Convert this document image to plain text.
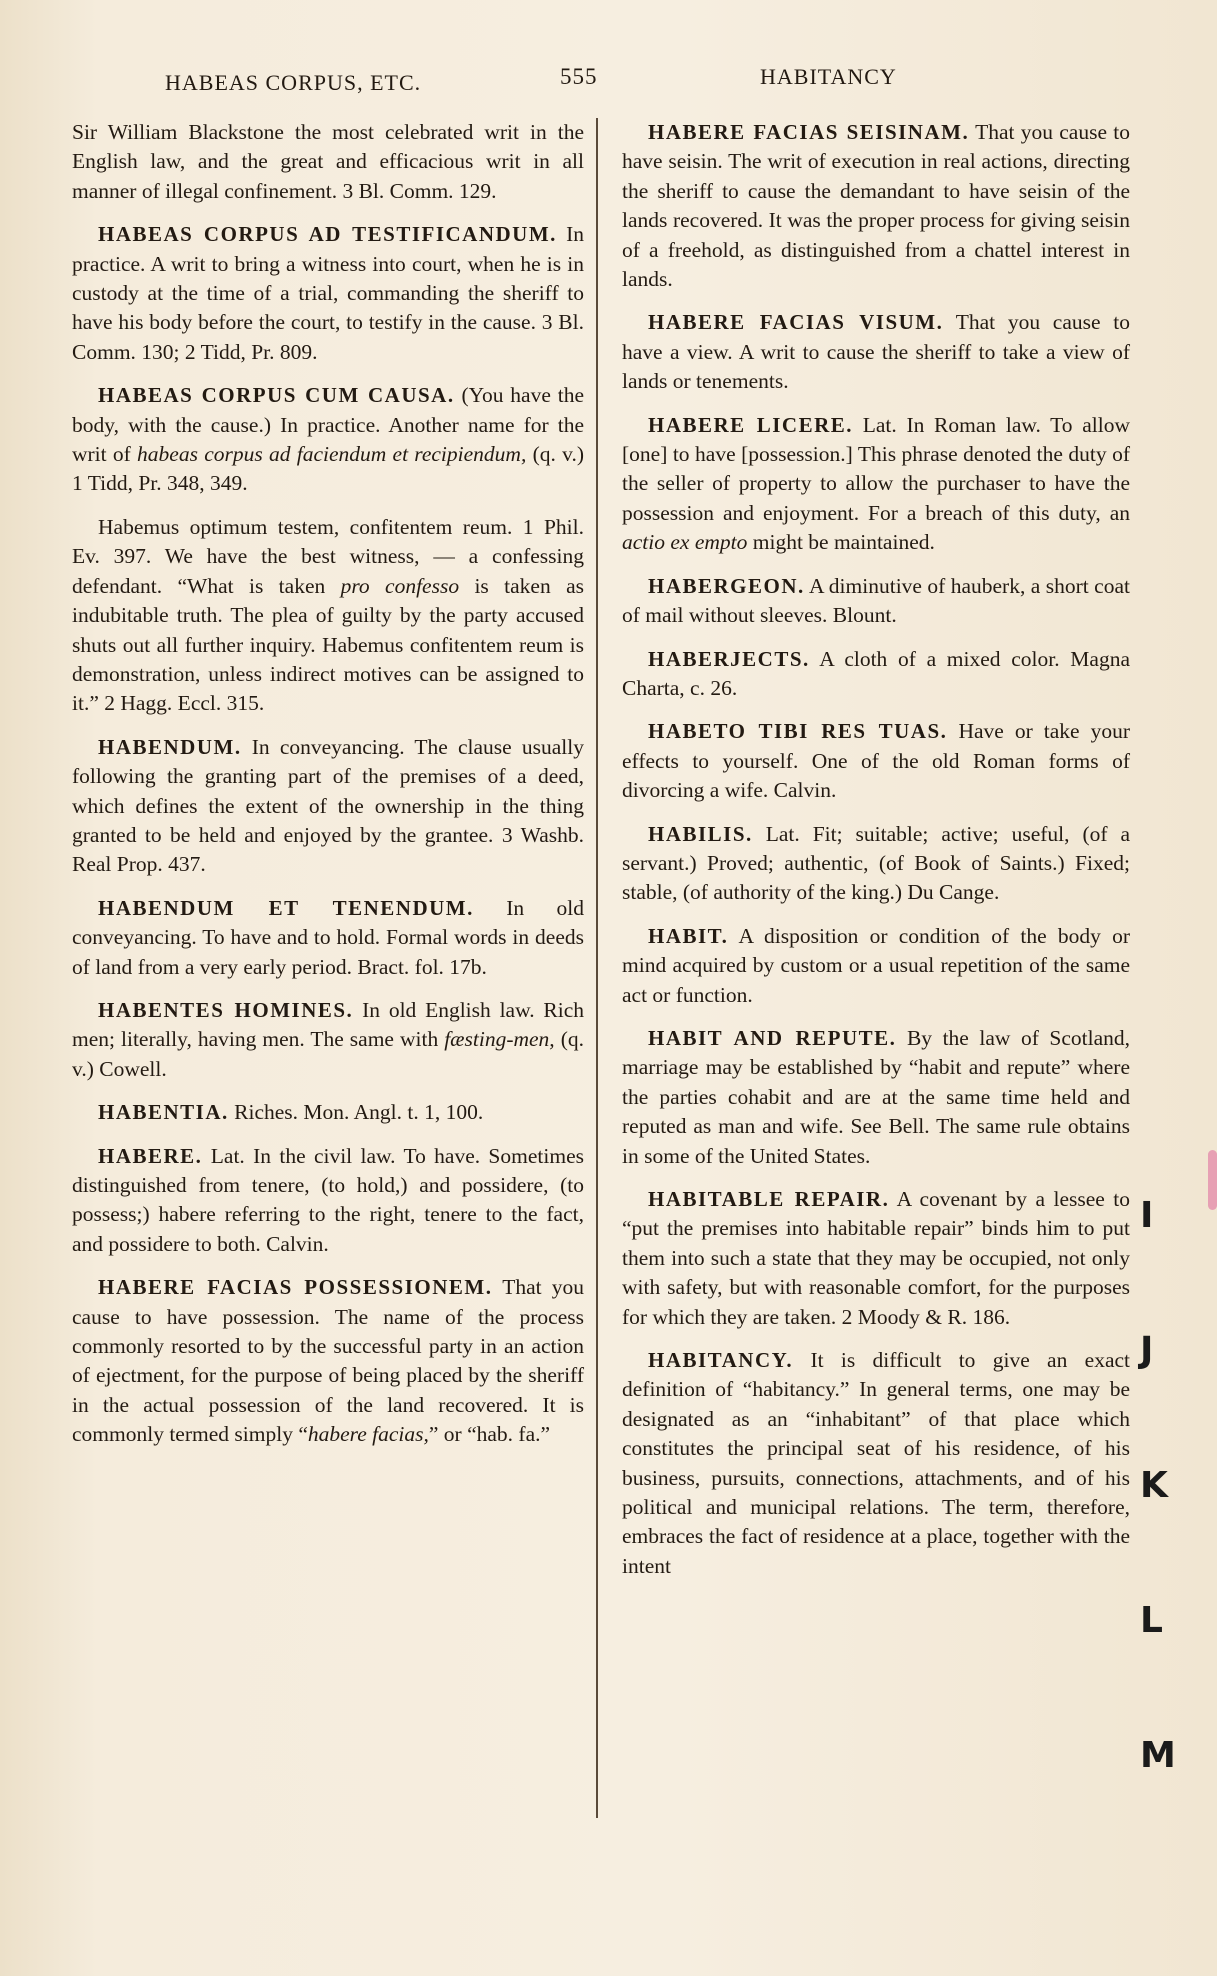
HABEAS CORPUS, ETC.	555	HABITANCY

Sir William Blackstone the most celebrated writ in the English law, and the great and efficacious writ in all manner of illegal confinement. 3 Bl. Comm. 129.

HABEAS CORPUS AD TESTIFICANDUM. In practice. A writ to bring a witness into court, when he is in custody at the time of a trial, commanding the sheriff to have his body before the court, to testify in the cause. 3 Bl. Comm. 130; 2 Tidd, Pr. 809.

HABEAS CORPUS CUM CAUSA. (You have the body, with the cause.) In practice. Another name for the writ of habeas corpus ad faciendum et recipiendum, (q. v.) 1 Tidd, Pr. 348, 349.

Habemus optimum testem, confitentem reum. 1 Phil. Ev. 397. We have the best witness, — a confessing defendant. “What is taken pro confesso is taken as indubitable truth. The plea of guilty by the party accused shuts out all further inquiry. Habemus confitentem reum is demonstration, unless indirect motives can be assigned to it.” 2 Hagg. Eccl. 315.

HABENDUM. In conveyancing. The clause usually following the granting part of the premises of a deed, which defines the extent of the ownership in the thing granted to be held and enjoyed by the grantee. 3 Washb. Real Prop. 437.

HABENDUM ET TENENDUM. In old conveyancing. To have and to hold. Formal words in deeds of land from a very early period. Bract. fol. 17b.

HABENTES HOMINES. In old English law. Rich men; literally, having men. The same with fæsting-men, (q. v.) Cowell.

HABENTIA. Riches. Mon. Angl. t. 1, 100.

HABERE. Lat. In the civil law. To have. Sometimes distinguished from tenere, (to hold,) and possidere, (to possess;) habere referring to the right, tenere to the fact, and possidere to both. Calvin.

HABERE FACIAS POSSESSIONEM. That you cause to have possession. The name of the process commonly resorted to by the successful party in an action of ejectment, for the purpose of being placed by the sheriff in the actual possession of the land recovered. It is commonly termed simply “habere facias,” or “hab. fa.”

HABERE FACIAS SEISINAM. That you cause to have seisin. The writ of execution in real actions, directing the sheriff to cause the demandant to have seisin of the lands recovered. It was the proper process for giving seisin of a freehold, as distinguished from a chattel interest in lands.

HABERE FACIAS VISUM. That you cause to have a view. A writ to cause the sheriff to take a view of lands or tenements.

HABERE LICERE. Lat. In Roman law. To allow [one] to have [possession.] This phrase denoted the duty of the seller of property to allow the purchaser to have the possession and enjoyment. For a breach of this duty, an actio ex empto might be maintained.

HABERGEON. A diminutive of hauberk, a short coat of mail without sleeves. Blount.

HABERJECTS. A cloth of a mixed color. Magna Charta, c. 26.

HABETO TIBI RES TUAS. Have or take your effects to yourself. One of the old Roman forms of divorcing a wife. Calvin.

HABILIS. Lat. Fit; suitable; active; useful, (of a servant.) Proved; authentic, (of Book of Saints.) Fixed; stable, (of authority of the king.) Du Cange.

HABIT. A disposition or condition of the body or mind acquired by custom or a usual repetition of the same act or function.

HABIT AND REPUTE. By the law of Scotland, marriage may be established by “habit and repute” where the parties cohabit and are at the same time held and reputed as man and wife. See Bell. The same rule obtains in some of the United States.

HABITABLE REPAIR. A covenant by a lessee to “put the premises into habitable repair” binds him to put them into such a state that they may be occupied, not only with safety, but with reasonable comfort, for the purposes for which they are taken. 2 Moody & R. 186.

HABITANCY. It is difficult to give an exact definition of “habitancy.” In general terms, one may be designated as an “inhabitant” of that place which constitutes the principal seat of his residence, of his business, pursuits, connections, attachments, and of his political and municipal relations. The term, therefore, embraces the fact of residence at a place, together with the intent

I
J
K
L
M
